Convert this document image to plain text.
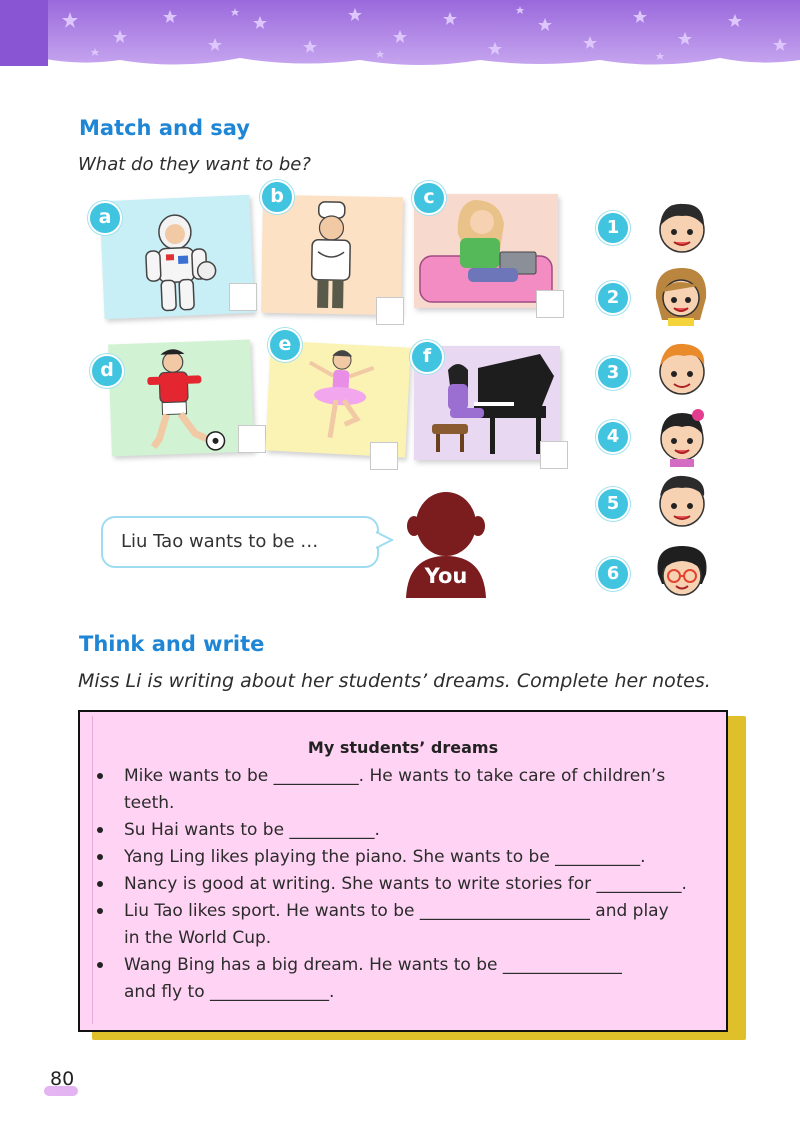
Match and say

What do they want to be?

a
b	c
d
e
f
1
2
3
4
5
6
Liu Tao wants to be …
You
Think and write

Miss Li is writing about her students’ dreams. Complete her notes.

My students’ dreams
Mike wants to be __________. He wants to take care of children’s
teeth.
Su Hai wants to be __________.
Yang Ling likes playing the piano. She wants to be __________.
Nancy is good at writing. She wants to write stories for __________.
Liu Tao likes sport. He wants to be ____________________ and play
in the World Cup.
Wang Bing has a big dream. He wants to be ______________
and fly to ______________.
80
